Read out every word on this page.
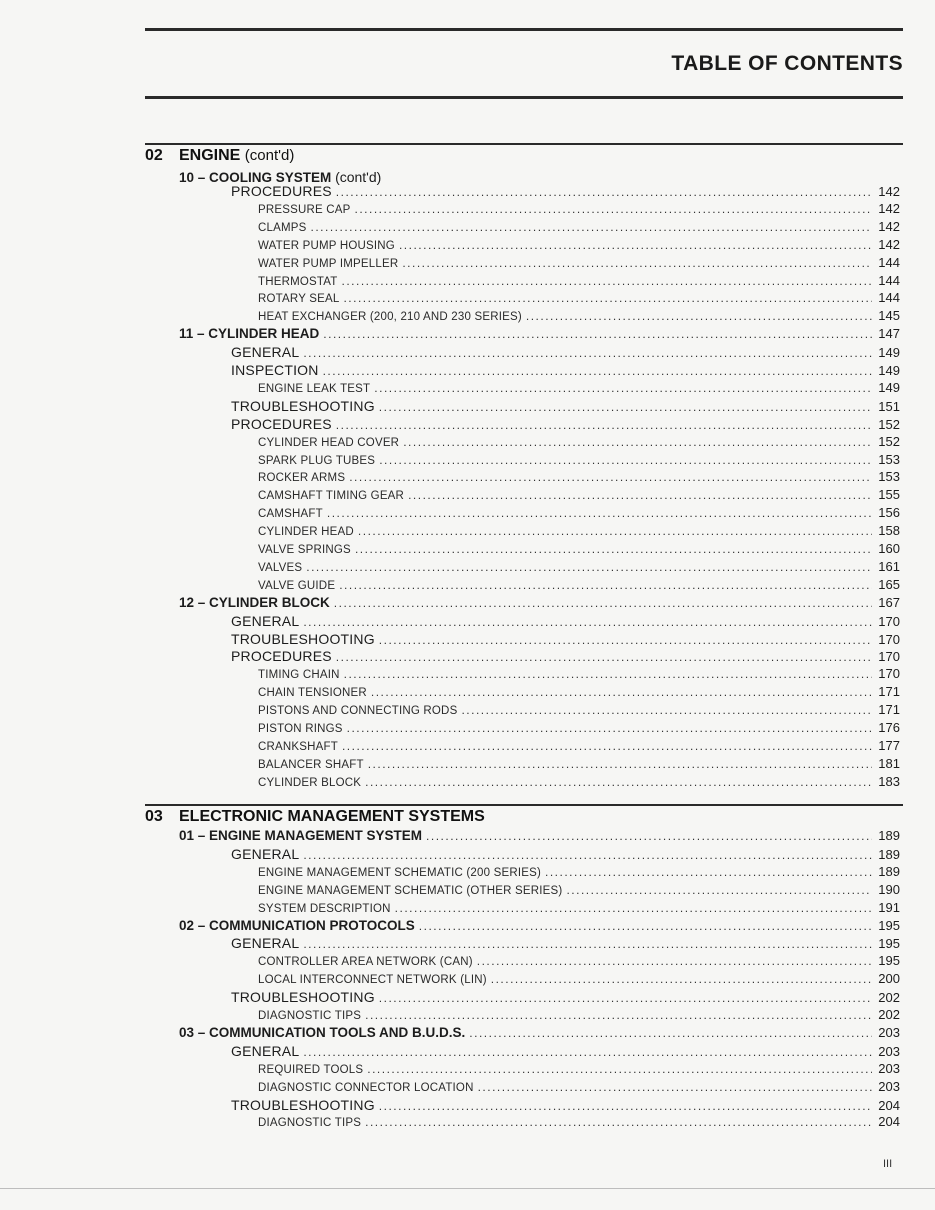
TABLE OF CONTENTS
02 ENGINE (cont'd)
10 – COOLING SYSTEM (cont'd)
PROCEDURES .....	142
PRESSURE CAP .....	142
CLAMPS .....	142
WATER PUMP HOUSING .....	142
WATER PUMP IMPELLER .....	144
THERMOSTAT .....	144
ROTARY SEAL .....	144
HEAT EXCHANGER (200, 210 AND 230 SERIES) .....	145
11 – CYLINDER HEAD .....	147
GENERAL .....	149
INSPECTION .....	149
ENGINE LEAK TEST .....	149
TROUBLESHOOTING .....	151
PROCEDURES .....	152
CYLINDER HEAD COVER .....	152
SPARK PLUG TUBES .....	153
ROCKER ARMS .....	153
CAMSHAFT TIMING GEAR .....	155
CAMSHAFT .....	156
CYLINDER HEAD .....	158
VALVE SPRINGS .....	160
VALVES .....	161
VALVE GUIDE .....	165
12 – CYLINDER BLOCK .....	167
GENERAL .....	170
TROUBLESHOOTING .....	170
PROCEDURES .....	170
TIMING CHAIN .....	170
CHAIN TENSIONER .....	171
PISTONS AND CONNECTING RODS .....	171
PISTON RINGS .....	176
CRANKSHAFT .....	177
BALANCER SHAFT .....	181
CYLINDER BLOCK .....	183
03 ELECTRONIC MANAGEMENT SYSTEMS
01 – ENGINE MANAGEMENT SYSTEM .....	189
GENERAL .....	189
ENGINE MANAGEMENT SCHEMATIC (200 SERIES) .....	189
ENGINE MANAGEMENT SCHEMATIC (OTHER SERIES) .....	190
SYSTEM DESCRIPTION .....	191
02 – COMMUNICATION PROTOCOLS .....	195
GENERAL .....	195
CONTROLLER AREA NETWORK (CAN) .....	195
LOCAL INTERCONNECT NETWORK (LIN) .....	200
TROUBLESHOOTING .....	202
DIAGNOSTIC TIPS .....	202
03 – COMMUNICATION TOOLS AND B.U.D.S. .....	203
GENERAL .....	203
REQUIRED TOOLS .....	203
DIAGNOSTIC CONNECTOR LOCATION .....	203
TROUBLESHOOTING .....	204
DIAGNOSTIC TIPS .....	204
III
